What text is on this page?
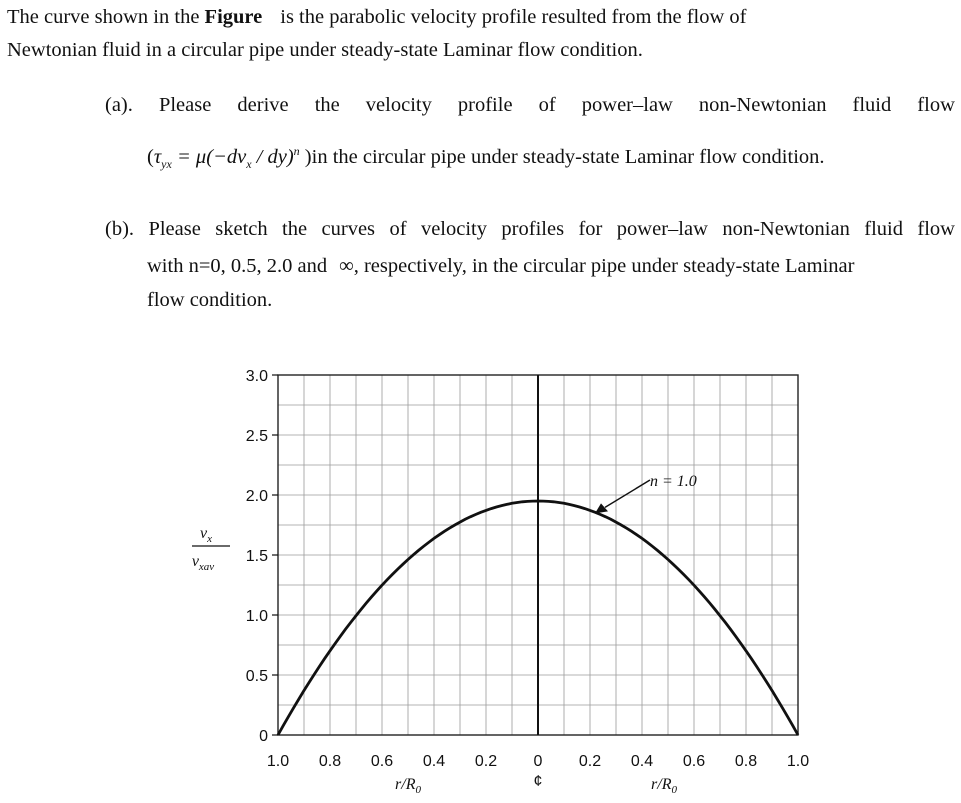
The curve shown in the Figure is the parabolic velocity profile resulted from the flow of
Newtonian fluid in a circular pipe under steady-state Laminar flow condition.
(a). Please derive the velocity profile of power–law non-Newtonian fluid flow
($\tau_{yx} = \mu(-dv_x / dy)^n$ )in the circular pipe under steady-state Laminar flow condition.
(b). Please sketch the curves of velocity profiles for power–law non-Newtonian fluid flow
with n=0, 0.5, 2.0 and ∞, respectively, in the circular pipe under steady-state Laminar
flow condition.
0
0.5
1.0
1.5
2.0
2.5
3.0
1.0 0.8 0.6 0.4 0.2 0 0.2 0.4 0.6 0.8 1.0
n = 1.0
$v_x$
$v_{xav}$
$r/R_0$	$r/R_0$
¢
